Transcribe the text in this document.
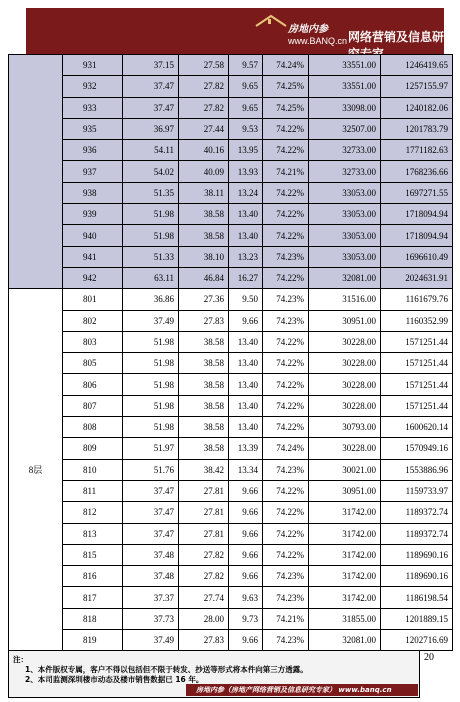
房地内参
www.BANQ.cn 网络营销及信息研
	931	37.15	27.58	9.57	74.24%	33551.00	1246419.65
	932	37.47	27.82	9.65	74.25%	33551.00	1257155.97
	933	37.47	27.82	9.65	74.25%	33098.00	1240182.06
	935	36.97	27.44	9.53	74.22%	32507.00	1201783.79
	936	54.11	40.16	13.95	74.22%	32733.00	1771182.63
	937	54.02	40.09	13.93	74.21%	32733.00	1768236.66
	938	51.35	38.11	13.24	74.22%	33053.00	1697271.55
	939	51.98	38.58	13.40	74.22%	33053.00	1718094.94
	940	51.98	38.58	13.40	74.22%	33053.00	1718094.94
	941	51.33	38.10	13.23	74.23%	33053.00	1696610.49
	942	63.11	46.84	16.27	74.22%	32081.00	2024631.91
8层	801	36.86	27.36	9.50	74.23%	31516.00	1161679.76
	802	37.49	27.83	9.66	74.23%	30951.00	1160352.99
	803	51.98	38.58	13.40	74.22%	30228.00	1571251.44
	805	51.98	38.58	13.40	74.22%	30228.00	1571251.44
	806	51.98	38.58	13.40	74.22%	30228.00	1571251.44
	807	51.98	38.58	13.40	74.22%	30228.00	1571251.44
	808	51.98	38.58	13.40	74.22%	30793.00	1600620.14
	809	51.97	38.58	13.39	74.24%	30228.00	1570949.16
	810	51.76	38.42	13.34	74.23%	30021.00	1553886.96
	811	37.47	27.81	9.66	74.22%	30951.00	1159733.97
	812	37.47	27.81	9.66	74.22%	31742.00	1189372.74
	813	37.47	27.81	9.66	74.22%	31742.00	1189372.74
	815	37.48	27.82	9.66	74.22%	31742.00	1189690.16
	816	37.48	27.82	9.66	74.23%	31742.00	1189690.16
	817	37.37	27.74	9.63	74.23%	31742.00	1186198.54
	818	37.73	28.00	9.73	74.21%	31855.00	1201889.15
	819	37.49	27.83	9.66	74.23%	32081.00	1202716.69
注：
1、本件版权专属，客户不得以包括但不限于转发、抄送等形式将本件向第三方透露。
2、本司监测深圳楼市动态及楼市销售数据已 16 年。
20
房地内参（房地产网络营销及信息研究专家） www.banq.cn
